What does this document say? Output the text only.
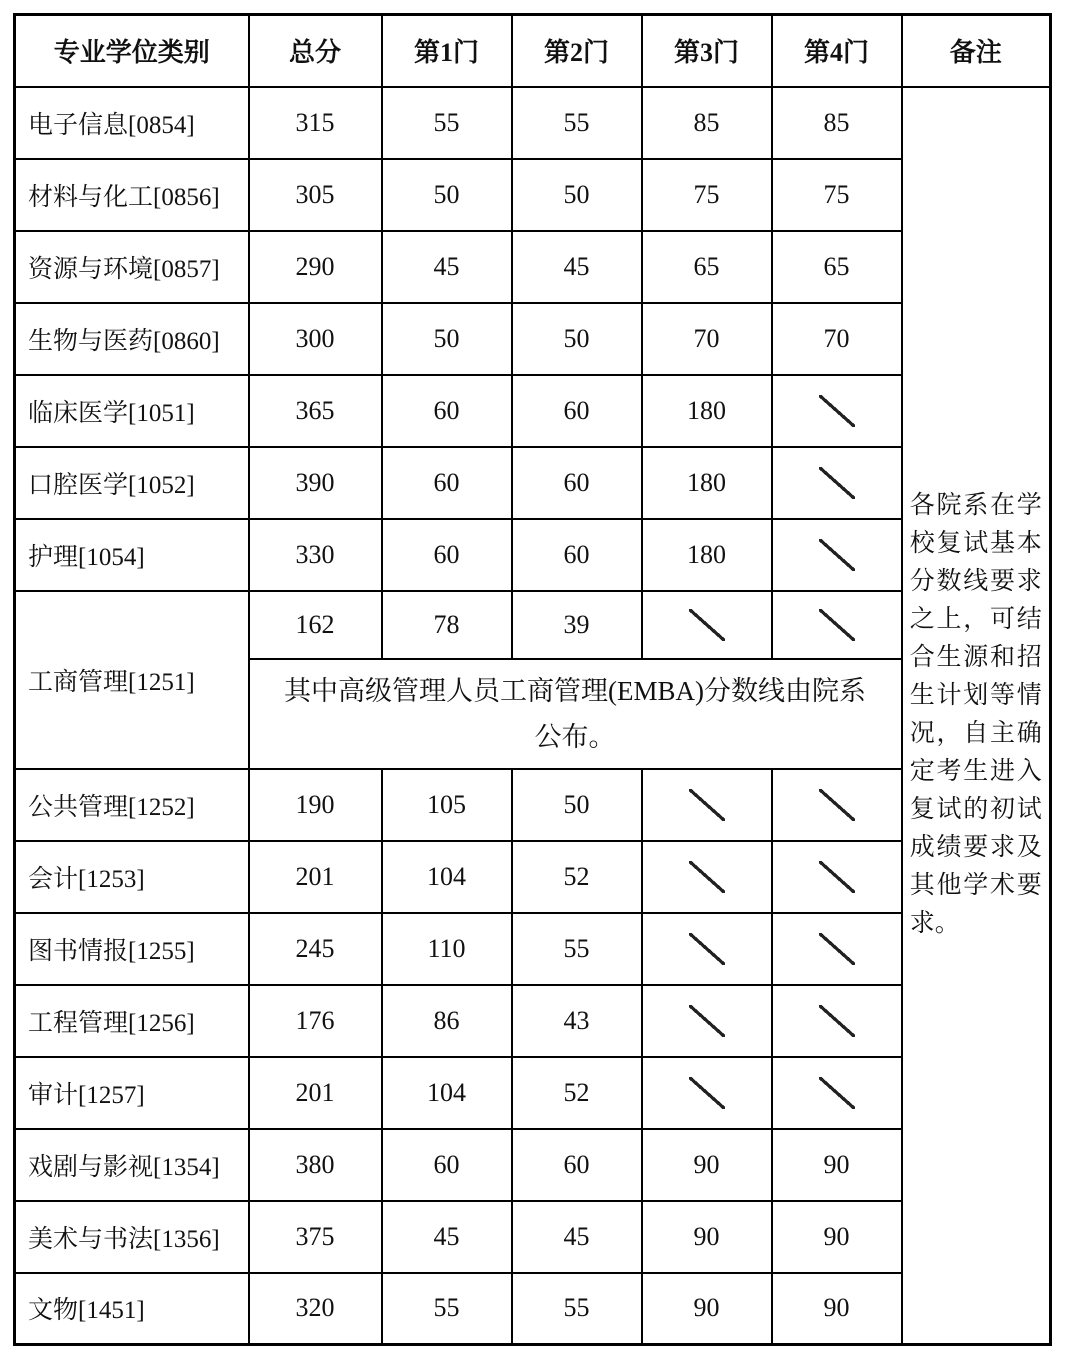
专业学位类别	总分	第1门	第2门	第3门	第4门	备注
电子信息[0854]	315	55	55	85	85	各院系在学校复试基本分数线要求之上，可结合生源和招生计划等情况，自主确定考生进入复试的初试成绩要求及其他学术要求。

材料与化工[0856]	305	50	50	75	75	
资源与环境[0857]	290	45	45	65	65	
生物与医药[0860]	300	50	50	70	70	
临床医学[1051]	365	60	60	180	
口腔医学[1052]	390	60	60	180	
护理[1054]	330	60	60	180	
工商管理[1251]	162	78	39		

	其中高级管理人员工商管理(EMBA)分数线由院系
公布。					

公共管理[1252]	190	105	50		
会计[1253]	201	104	52		
图书情报[1255]	245	110	55		
工程管理[1256]	176	86	43		
审计[1257]	201	104	52		
戏剧与影视[1354]	380	60	60	90	90	
美术与书法[1356]	375	45	45	90	90	
文物[1451]	320	55	55	90	90	
